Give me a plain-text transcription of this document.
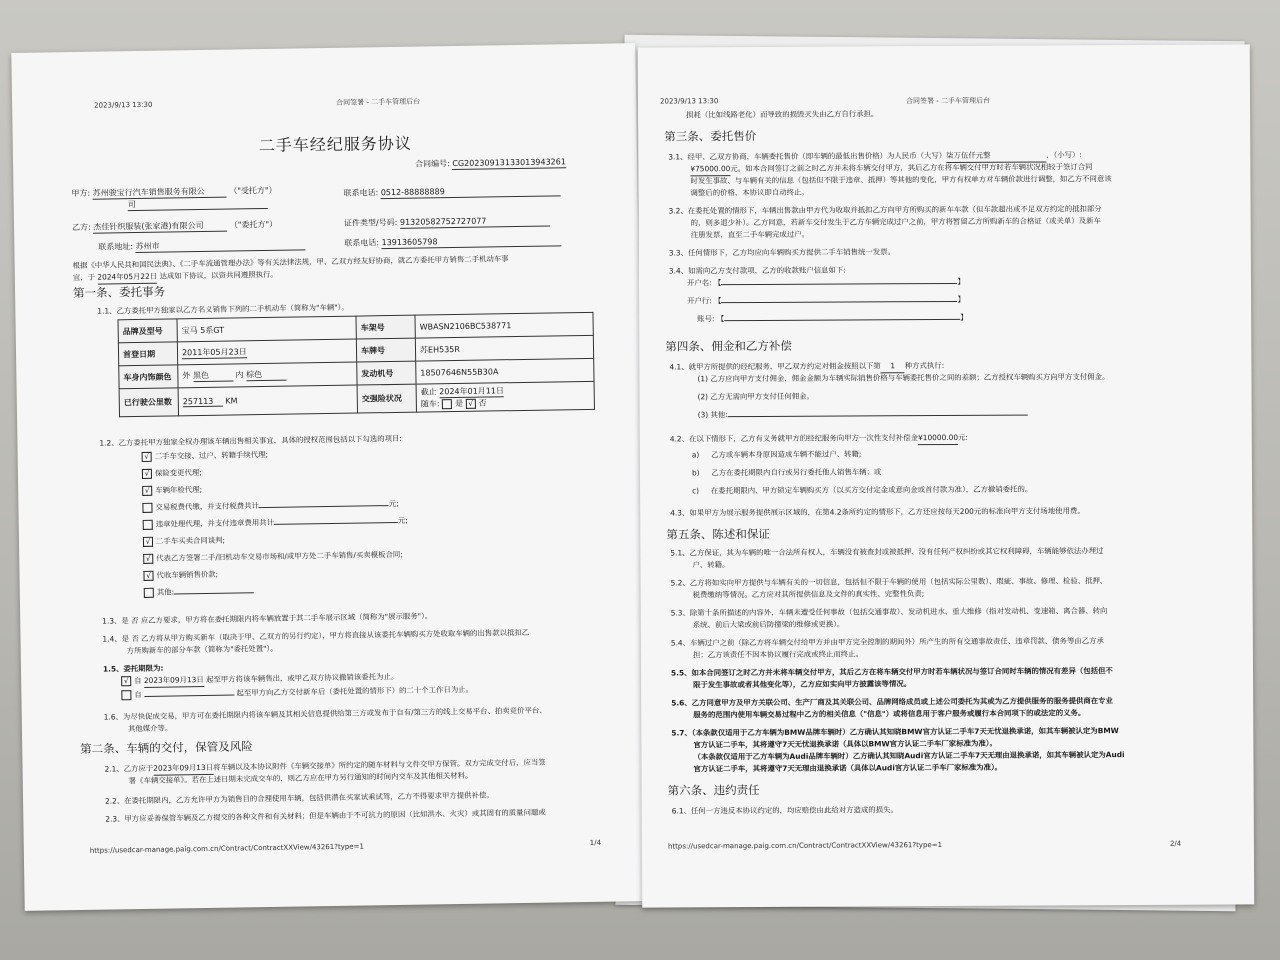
2023/9/13 13:30	合同签署 - 二手车管理后台
二手车经纪服务协议
合同编号: CG20230913133013943261
甲方: 苏州骏宝行汽车销售服务有限公	（"受托方"）
司
联系电话: 0512-88888889
乙方: 杰佳针织服装(张家港)有限公司	（"委托方"）	证件类型/号码: 91320582752727077
联系地址: 苏州市	联系电话: 13913605798
根据《中华人民共和国民法典》、《二手车流通管理办法》等有关法律法规，甲、乙双方经友好协商，就乙方委托甲方销售二手机动车事
宜，于 2024年05月22日 达成如下协议，以资共同遵照执行。
第一条、委托事务
1.1、乙方委托甲方独家以乙方名义销售下列的二手机动车（简称为"车辆"）。
品牌及型号	宝马 5系GT	车架号	WBASN2106BC538771
首登日期	2011年05月23日	车牌号	苏EH535R
车身内饰颜色	外 黑色 内 棕色	发动机号	18507646N55B30A
已行驶公里数	257113 KM	交强险状况	截止 2024年01月11日
随车: 是 √ 否
1.2、乙方委托甲方独家全权办理该车辆出售相关事宜，具体的授权范围包括以下勾选的项目:
√ 二手车交接、过户、转籍手续代理;
√ 保险变更代理;
√ 车辆年检代理;
交易税费代缴，并支付税费共计	元;
违章处理代理，并支付违章费用共计	元;
√ 二手车买卖合同谈判;
√ 代表乙方签署二手/旧机动车交易市场和/或甲方处二手车销售/买卖模板合同;
√ 代收车辆销售价款;
其他:
1.3、是 否 应乙方要求，甲方将在委托期限内将车辆放置于其二手车展示区域（简称为"展示服务"）。
1.4、是 否 乙方将从甲方购买新车（取决于甲、乙双方的另行约定），甲方将直接从该委托车辆购买方处收取车辆的出售款以抵扣乙
方所购新车的部分车款（简称为"委托处置"）。
1.5、委托期限为:
√ 自 2023年09月13日 起至甲方将该车辆售出，或甲乙双方协议撤销该委托为止。
自	起至甲方向乙方交付新车后（委托处置的情形下）的二十个工作日为止。
1.6、为尽快促成交易，甲方可在委托期限内将该车辆及其相关信息提供给第三方或发布于自有/第三方的线上交易平台、拍卖竞价平台、
其他媒介等。
第二条、车辆的交付，保管及风险
2.1、乙方应于2023年09月13日将车辆以及本协议附件《车辆交接单》所约定的随车材料与文件交甲方保管。双方完成交付后，应当签
署《车辆交接单》。若在上述日期未完成交车的，则乙方应在甲方另行通知的时间内交车及其他相关材料。
2.2、在委托期限内，乙方允许甲方为销售目的合理使用车辆，包括供潜在买家试乘试驾，乙方不得要求甲方提供补偿。
2.3、甲方应妥善保管车辆及乙方提交的各种文件和有关材料；但是车辆由于不可抗力的原因（比如洪水、火灾）或其固有的质量问题或
https://usedcar-manage.paig.com.cn/Contract/ContractXXView/43261?type=1	1/4
2023/9/13 13:30	合同签署 - 二手车管理后台
损耗（比如线路老化）而导致的损毁灭失由乙方自行承担。
第三条、委托售价
3.1、经甲、乙双方协商，车辆委托售价（即车辆的最低出售价格）为人民币（大写）柒万伍仟元整	，（小写）:
¥75000.00元。如本合同签订之前之时乙方并未将车辆交付甲方，其后乙方在将车辆交付甲方时若车辆状况相较于签订合同
时发生事故、与车辆有关的信息（包括但不限于违章、抵押）等其他的变化，甲方有权单方对车辆价款进行调整，如乙方不同意该
调整后的价格，本协议即自动终止。
3.2、在委托处置的情形下，车辆出售款由甲方代为收取并抵扣乙方向甲方所购买的新车车款（但车款超出或不足双方约定的抵扣部分
的，则多退少补）。乙方同意，若新车交付发生于乙方车辆完成过户之前，甲方将暂留乙方所购新车的合格证（或关单）及新车
注册发票，直至二手车辆完成过户。
3.3、任何情形下，乙方均应向车辆购买方提供二手车销售统一发票。
3.4、如需向乙方支付款项，乙方的收款账户信息如下:
开户名: 【	】
开户行: 【	】
账号: 【	】
第四条、佣金和乙方补偿
4.1、就甲方所提供的经纪服务，甲乙双方约定对佣金按照以下第 1 种方式执行:
(1) 乙方应向甲方支付佣金，佣金金额为车辆实际销售价格与车辆委托售价之间的差额；乙方授权车辆购买方向甲方支付佣金。
(2) 乙方无需向甲方支付任何佣金。
(3) 其他:
4.2、在以下情形下，乙方有义务就甲方的经纪服务向甲方一次性支付补偿金¥10000.00元:
a) 乙方或车辆本身原因造成车辆不能过户、转籍;
b) 乙方在委托期限内自行或另行委托他人销售车辆；或
c) 在委托期限内、甲方锁定车辆购买方（以买方交付定金或意向金或首付款为准），乙方撤销委托的。
4.3、如果甲方为展示服务提供展示区域的，在第4.2条所约定的情形下，乙方还应按每天200元的标准向甲方支付场地使用费。
第五条、陈述和保证
5.1、乙方保证，其为车辆的唯一合法所有权人，车辆没有被查封或被抵押、没有任何产权纠纷或其它权利障碍，车辆能够依法办理过
户、转籍。
5.2、乙方将如实向甲方提供与车辆有关的一切信息，包括但不限于车辆的使用（包括实际公里数）、瑕疵、事故、修理、检验、抵押、
税费缴纳等情况。乙方应对其所提供信息及文件的真实性、完整性负责;
5.3、除第十条所描述的内容外，车辆未遭受任何事故（包括交通事故）、发动机进水、重大维修（指对发动机、变速箱、离合器、转向
系统、前后大梁或前后防撞梁的维修或更换）。
5.4、车辆过户之前（除乙方将车辆交付给甲方并由甲方完全控制的期间外）所产生的所有交通事故责任、违章罚款、债务等由乙方承
担；乙方该责任不因本协议履行完成或终止而终止。
5.5、如本合同签订之时乙方并未将车辆交付甲方，其后乙方在将车辆交付甲方时若车辆状况与签订合同时车辆的情况有差异（包括但不
限于发生事故或者其他变化等），乙方应如实向甲方披露该等情况。
5.6、乙方同意甲方及甲方关联公司、生产厂商及其关联公司、品牌网络成员或上述公司委托为其或为乙方提供服务的服务提供商在专业
服务的范围内使用车辆交易过程中乙方的相关信息（"信息"）或将信息用于客户服务或履行本合同项下的或法定的义务。
5.7、（本条款仅适用于乙方车辆为BMW品牌车辆时）乙方确认其知晓BMW官方认证二手车7天无忧退换承诺，如其车辆被认定为BMW
官方认证二手车，其将遵守7天无忧退换承诺（具体以BMW官方认证二手车厂家标准为准）。
（本条款仅适用于乙方车辆为Audi品牌车辆时）乙方确认其知晓Audi官方认证二手车7天无理由退换承诺，如其车辆被认定为Audi
官方认证二手车，其将遵守7天无理由退换承诺（具体以Audi官方认证二手车厂家标准为准）。
第六条、违约责任
6.1、任何一方违反本协议约定的，均应赔偿由此给对方造成的损失。
https://usedcar-manage.paig.com.cn/Contract/ContractXXView/43261?type=1	2/4
